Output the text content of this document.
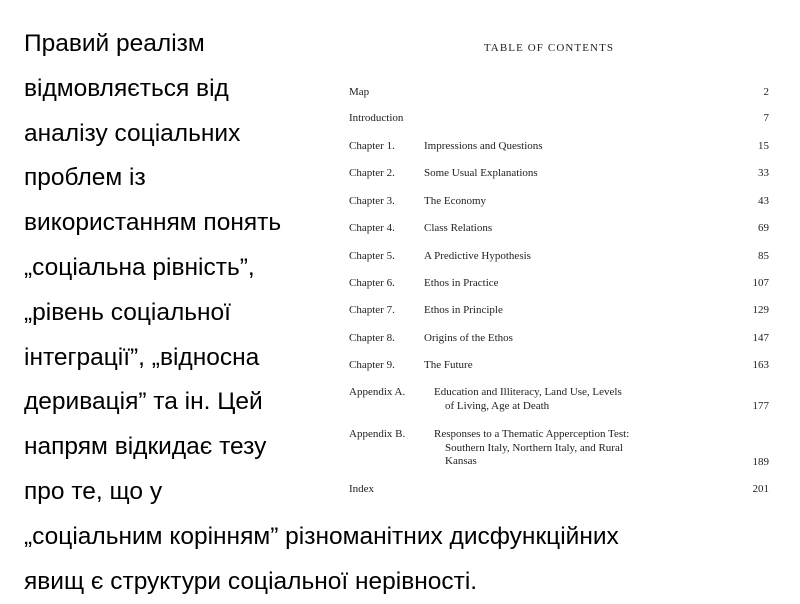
Правий реалізм
відмовляється від
аналізу соціальних
проблем із
використанням понять
„соціальна рівність”,
„рівень соціальної
інтеграції”, „відносна
деривація” та ін. Цей
напрям відкидає тезу
про те, що у
„соціальним корінням” різноманітних дисфункційних
явищ є структури соціальної нерівності.
TABLE OF CONTENTS
Map	2
Introduction	7
Chapter 1.	Impressions and Questions	15
Chapter 2.	Some Usual Explanations	33
Chapter 3.	The Economy	43
Chapter 4.	Class Relations	69
Chapter 5.	A Predictive Hypothesis	85
Chapter 6.	Ethos in Practice	107
Chapter 7.	Ethos in Principle	129
Chapter 8.	Origins of the Ethos	147
Chapter 9.	The Future	163
Appendix A.	Education and Illiteracy, Land Use, Levels
of Living, Age at Death	177
Appendix B.	Responses to a Thematic Apperception Test:
Southern Italy, Northern Italy, and Rural
Kansas	189
Index	201
